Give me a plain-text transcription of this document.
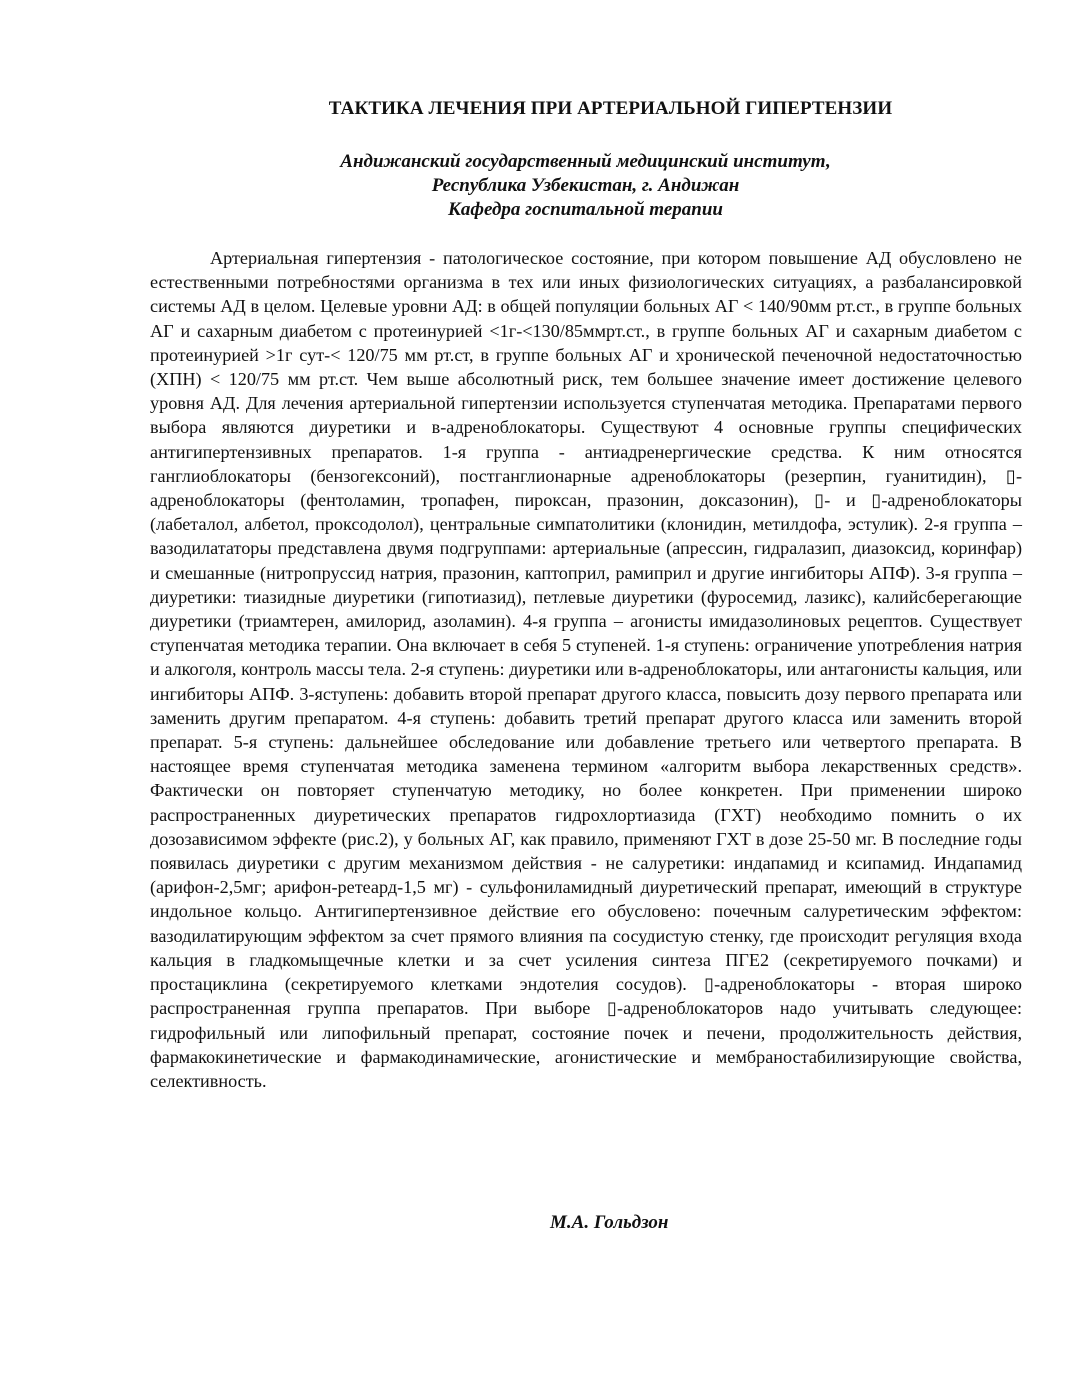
ТАКТИКА ЛЕЧЕНИЯ ПРИ АРТЕРИАЛЬНОЙ ГИПЕРТЕНЗИИ
Андижанский государственный медицинский институт,
Республика Узбекистан, г. Андижан
Кафедра госпитальной терапии

Артериальная гипертензия - патологическое состояние, при котором повышение АД обусловлено не естественными потребностями организма в тех или иных физиологических ситуациях, а разбалансировкой системы АД в целом. Целевые уровни АД: в общей популяции больных АГ < 140/90мм рт.ст., в группе больных АГ и сахарным диабетом с протеинурией <1г-<130/85ммрт.ст., в группе больных АГ и сахарным диабетом с протеинурией >1г сут-< 120/75 мм рт.ст, в группе больных АГ и хронической печеночной недостаточностью (ХПН) < 120/75 мм рт.ст. Чем выше абсолютный риск, тем большее значение имеет достижение целевого уровня АД. Для лечения артериальной гипертензии используется ступенчатая методика. Препаратами первого выбора являются диуретики и в-адреноблокаторы. Существуют 4 основные группы специфических антигипертензивных препаратов. 1-я группа - антиадренергические средства. К ним относятся ганглиоблокаторы (бензогексоний), постганглионарные адреноблокаторы (резерпин, гуанитидин), ▯-адреноблокаторы (фентоламин, тропафен, пироксан, празонин, доксазонин), ▯- и ▯-адреноблокаторы (лабеталол, албетол, проксодолол), центральные симпатолитики (клонидин, метилдофа, эстулик). 2-я группа – вазодилататоры представлена двумя подгруппами: артериальные (апрессин, гидралазип, диазоксид, коринфар) и смешанные (нитропруссид натрия, празонин, каптоприл, рамиприл и другие ингибиторы АПФ). 3-я группа – диуретики: тиазидные диуретики (гипотиазид), петлевые диуретики (фуросемид, лазикс), калийсберегающие диуретики (триамтерен, амилорид, азоламин). 4-я группа – агонисты имидазолиновых рецептов. Существует ступенчатая методика терапии. Она включает в себя 5 ступеней. 1-я ступень: ограничение употребления натрия и алкоголя, контроль массы тела. 2-я ступень: диуретики или в-адреноблокаторы, или антагонисты кальция, или ингибиторы АПФ. 3-яступень: добавить второй препарат другого класса, повысить дозу первого препарата или заменить другим препаратом. 4-я ступень: добавить третий препарат другого класса или заменить второй препарат. 5-я ступень: дальнейшее обследование или добавление третьего или четвертого препарата. В настоящее время ступенчатая методика заменена термином «алгоритм выбора лекарственных средств». Фактически он повторяет ступенчатую методику, но более конкретен. При применении широко распространенных диуретических препаратов гидрохлортиазида (ГХТ) необходимо помнить о их дозозависимом эффекте (рис.2), у больных АГ, как правило, применяют ГХТ в дозе 25-50 мг. В последние годы появилась диуретики с другим механизмом действия - не салуретики: индапамид и ксипамид. Индапамид (арифон-2,5мг; арифон-ретеард-1,5 мг) - сульфониламидный диуретический препарат, имеющий в структуре индольное кольцо. Антигипертензивное действие его обусловено: почечным салуретическим эффектом: вазодилатирующим эффектом за счет прямого влияния па сосудистую стенку, где происходит регуляция входа кальция в гладкомыщечные клетки и за счет усиления синтеза ПГЕ2 (секретируемого почками) и простациклина (секретируемого клетками эндотелия сосудов). ▯-адреноблокаторы - вторая широко распространенная группа препаратов. При выборе ▯-адреноблокаторов надо учитывать следующее: гидрофильный или липофильный препарат, состояние почек и печени, продолжительность действия, фармакокинетические и фармакодинамические, агонистические и мембраностабилизирующие свойства, селективность.

М.А. Гольдзон
